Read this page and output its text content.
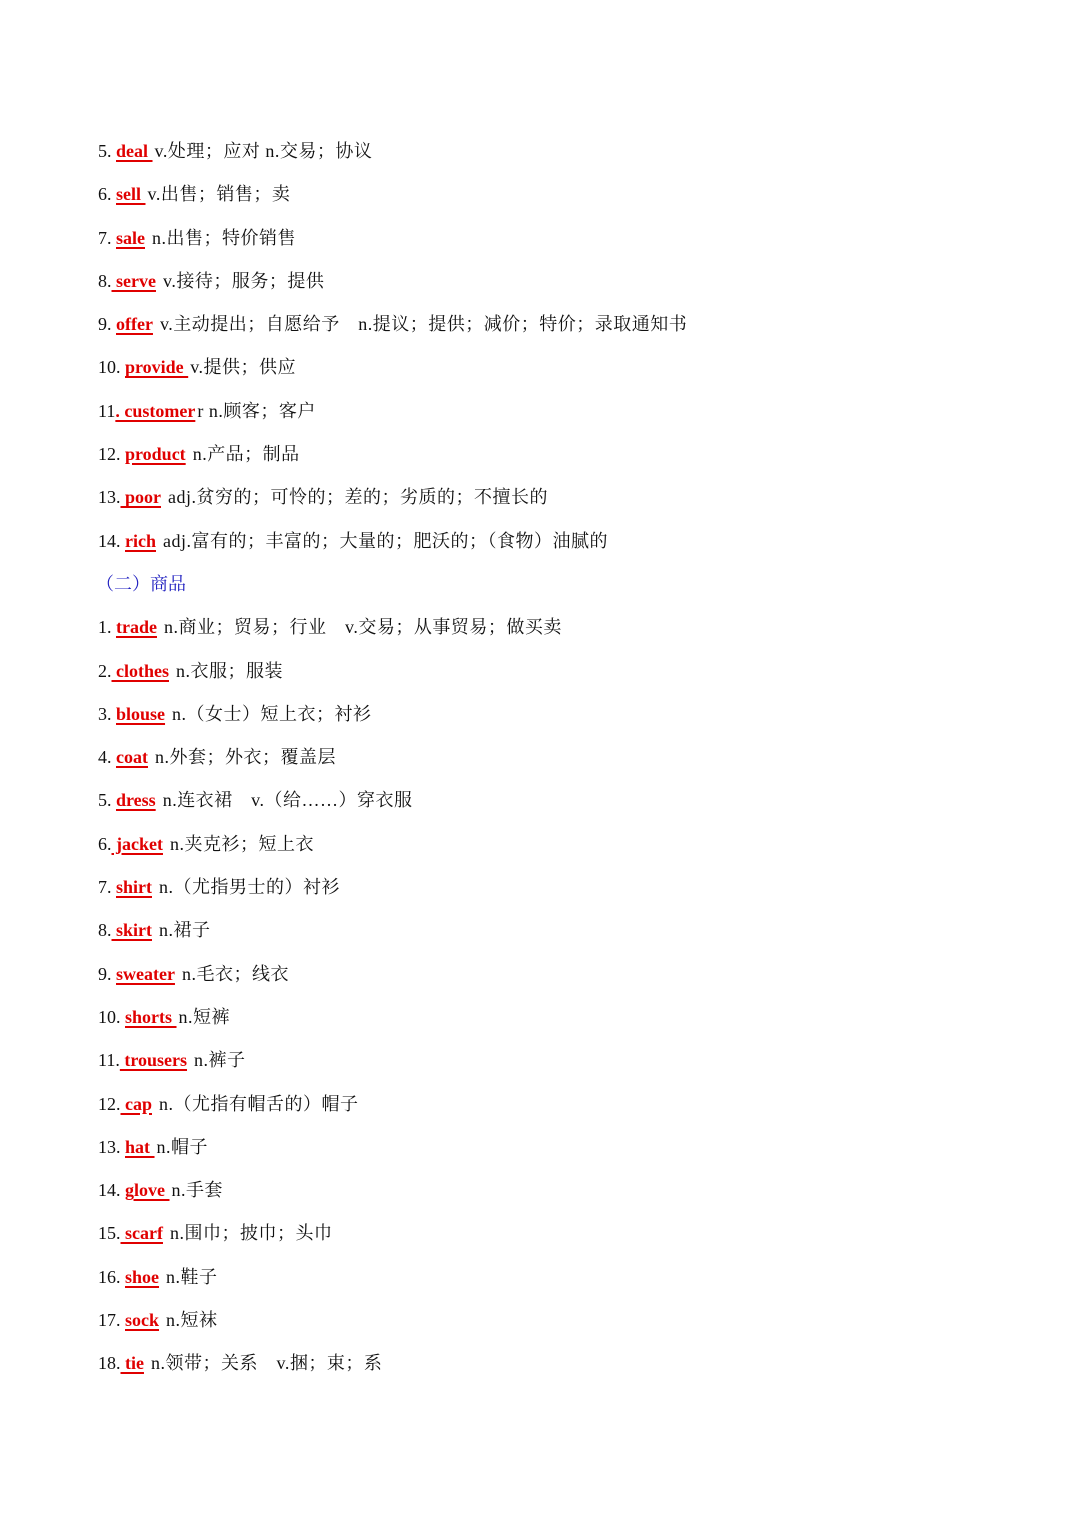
5. deal v.处理；应对 n.交易；协议
6. sell v.出售；销售；卖
7. sale n.出售；特价销售
8. serve v.接待；服务；提供
9. offer v.主动提出；自愿给予　n.提议；提供；减价；特价；录取通知书
10. provide v.提供；供应
11 . customer r n.顾客；客户
12. product n.产品；制品
13. poor adj.贫穷的；可怜的；差的；劣质的；不擅长的
14. rich adj.富有的；丰富的；大量的；肥沃的；（食物）油腻的
（二）商品
1. trade n.商业；贸易；行业　v.交易；从事贸易；做买卖
2. clothes n.衣服；服装
3. blouse n.（女士）短上衣；衬衫
4. coat n.外套；外衣；覆盖层
5. dress n.连衣裙　v.（给……）穿衣服
6. jacket n.夹克衫；短上衣
7. shirt n.（尤指男士的）衬衫
8. skirt n.裙子
9. sweater n.毛衣；线衣
10. shorts n.短裤
11. trousers n.裤子
12. cap n.（尤指有帽舌的）帽子
13. hat n.帽子
14. glove n.手套
15. scarf n.围巾；披巾；头巾
16. shoe n.鞋子
17. sock n.短袜
18. tie n.领带；关系　v.捆；束；系
